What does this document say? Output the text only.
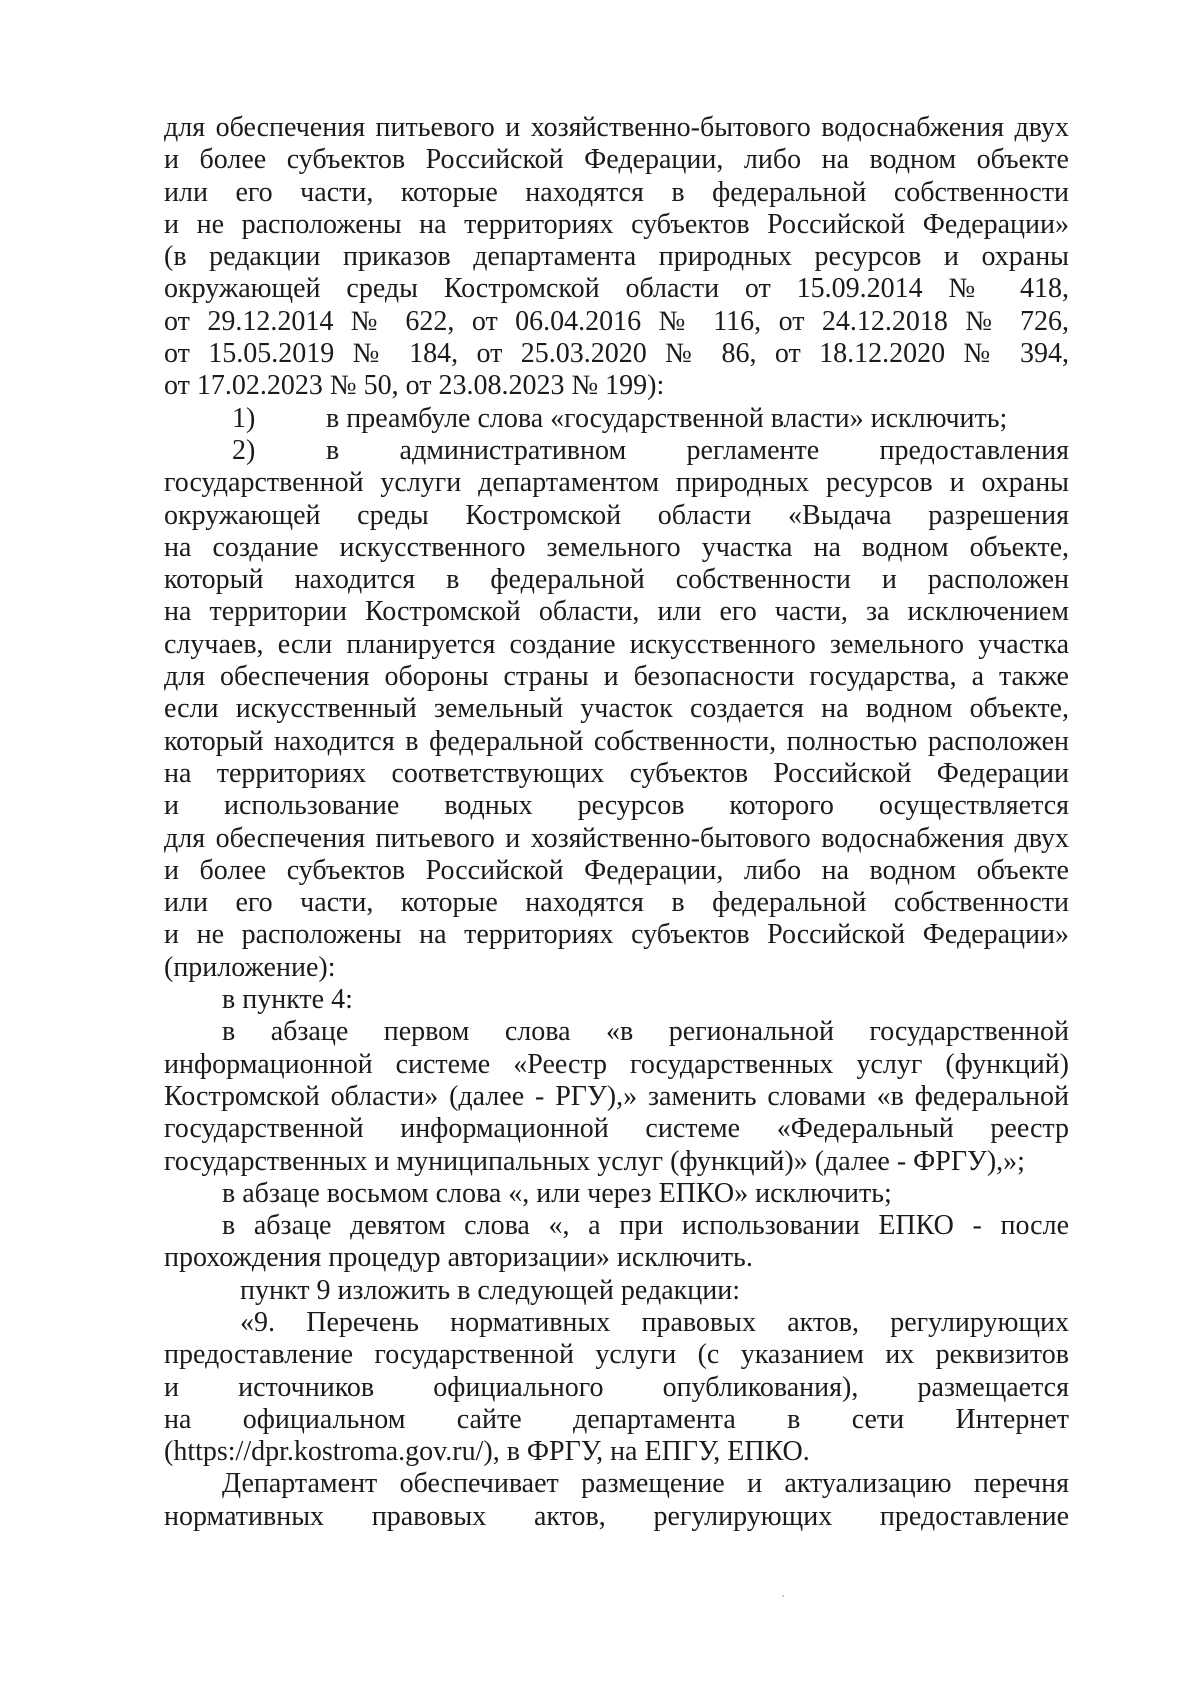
для обеспечения питьевого и хозяйственно-бытового водоснабжения двух
и более субъектов Российской Федерации, либо на водном объекте
или его части, которые находятся в федеральной собственности
и не расположены на территориях субъектов Российской Федерации»
(в редакции приказов департамента природных ресурсов и охраны
окружающей среды Костромской области от 15.09.2014 № 418,
от 29.12.2014 № 622, от 06.04.2016 № 116, от 24.12.2018 № 726,
от 15.05.2019 № 184, от 25.03.2020 № 86, от 18.12.2020 № 394,
от 17.02.2023 № 50, от 23.08.2023 № 199):
1)	в преамбуле слова «государственной власти» исключить;
2)	в административном регламенте предоставления
государственной услуги департаментом природных ресурсов и охраны
окружающей среды Костромской области «Выдача разрешения
на создание искусственного земельного участка на водном объекте,
который находится в федеральной собственности и расположен
на территории Костромской области, или его части, за исключением
случаев, если планируется создание искусственного земельного участка
для обеспечения обороны страны и безопасности государства, а также
если искусственный земельный участок создается на водном объекте,
который находится в федеральной собственности, полностью расположен
на территориях соответствующих субъектов Российской Федерации
и использование водных ресурсов которого осуществляется
для обеспечения питьевого и хозяйственно-бытового водоснабжения двух
и более субъектов Российской Федерации, либо на водном объекте
или его части, которые находятся в федеральной собственности
и не расположены на территориях субъектов Российской Федерации»
(приложение):
в пункте 4:
в абзаце первом слова «в региональной государственной
информационной системе «Реестр государственных услуг (функций)
Костромской области» (далее - РГУ),» заменить словами «в федеральной
государственной информационной системе «Федеральный реестр
государственных и муниципальных услуг (функций)» (далее - ФРГУ),»;
в абзаце восьмом слова «, или через ЕПКО» исключить;
в абзаце девятом слова «, а при использовании ЕПКО - после
прохождения процедур авторизации» исключить.
пункт 9 изложить в следующей редакции:
«9. Перечень нормативных правовых актов, регулирующих
предоставление государственной услуги (с указанием их реквизитов
и источников официального опубликования), размещается
на официальном сайте департамента в сети Интернет
(https://dpr.kostroma.gov.ru/), в ФРГУ, на ЕПГУ, ЕПКО.
Департамент обеспечивает размещение и актуализацию перечня
нормативных правовых актов, регулирующих предоставление
